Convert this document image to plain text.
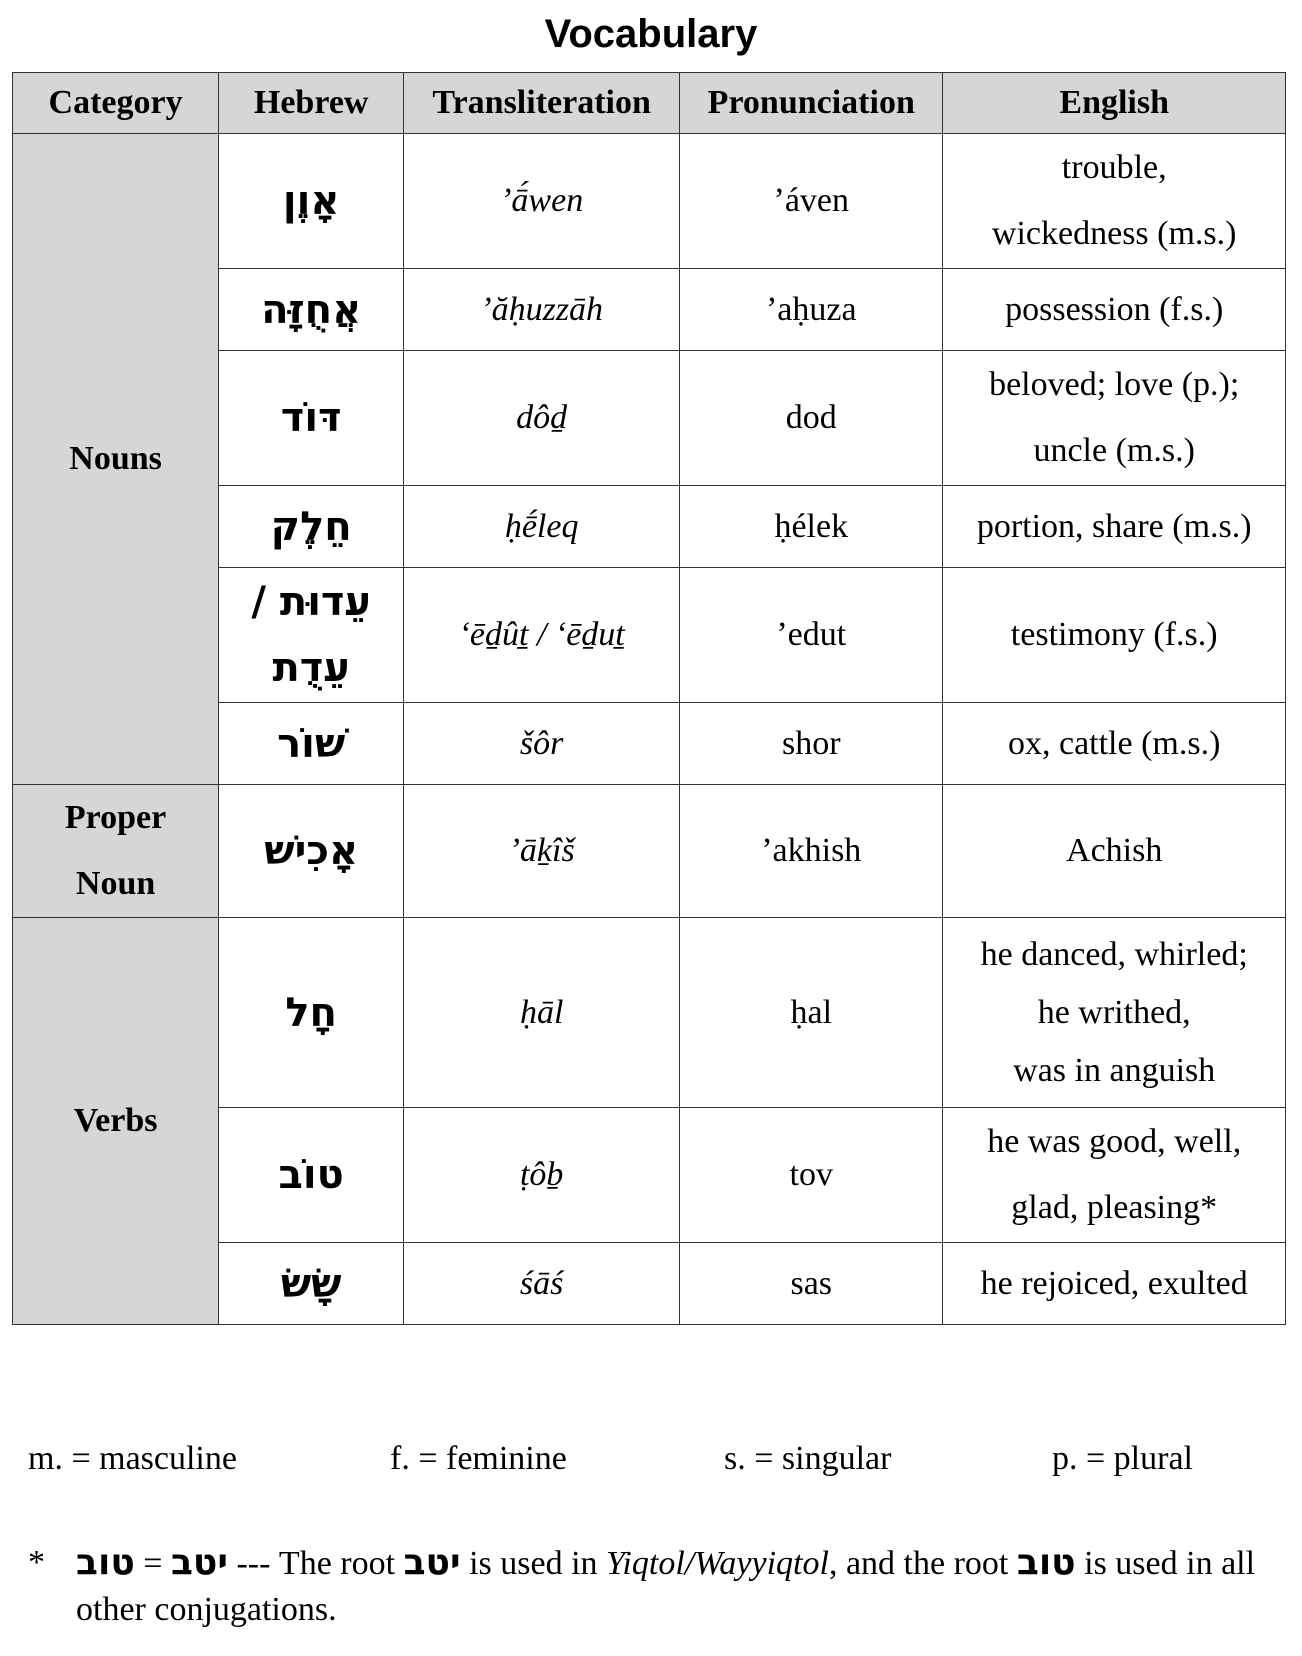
Vocabulary
Category	Hebrew	Transliteration	Pronunciation	English
Nouns	אָוֶן	ʼā́wen	ʼáven	trouble,
wickedness (m.s.)
	אֲחֻזָּה	ʼăḥuzzāh	ʼaḥuza	possession (f.s.)
	דּוֹד	dôḏ	dod	beloved; love (p.);
uncle (m.s.)
	חֵלֶק	ḥḗleq	ḥélek	portion, share (m.s.)
	עֵדוּת /
עֵדֻת	ʻēḏûṯ / ʻēḏuṯ	ʼedut	testimony (f.s.)
	שׁוֹר	šôr	shor	ox, cattle (m.s.)
Proper
Noun	אָכִישׁ	ʼāḵîš	ʼakhish	Achish
Verbs	חָל	ḥāl	ḥal	he danced, whirled;
he writhed,
was in anguish
	טוֹב	ṭôḇ	tov	he was good, well,
glad, pleasing*
	שָׂשׂ	śāś	sas	he rejoiced, exulted
m. = masculine	f. = feminine	s. = singular	p. = plural
* טוב = יטב --- The root יטב is used in Yiqtol/Wayyiqtol, and the root טוב is used in all other conjugations.
